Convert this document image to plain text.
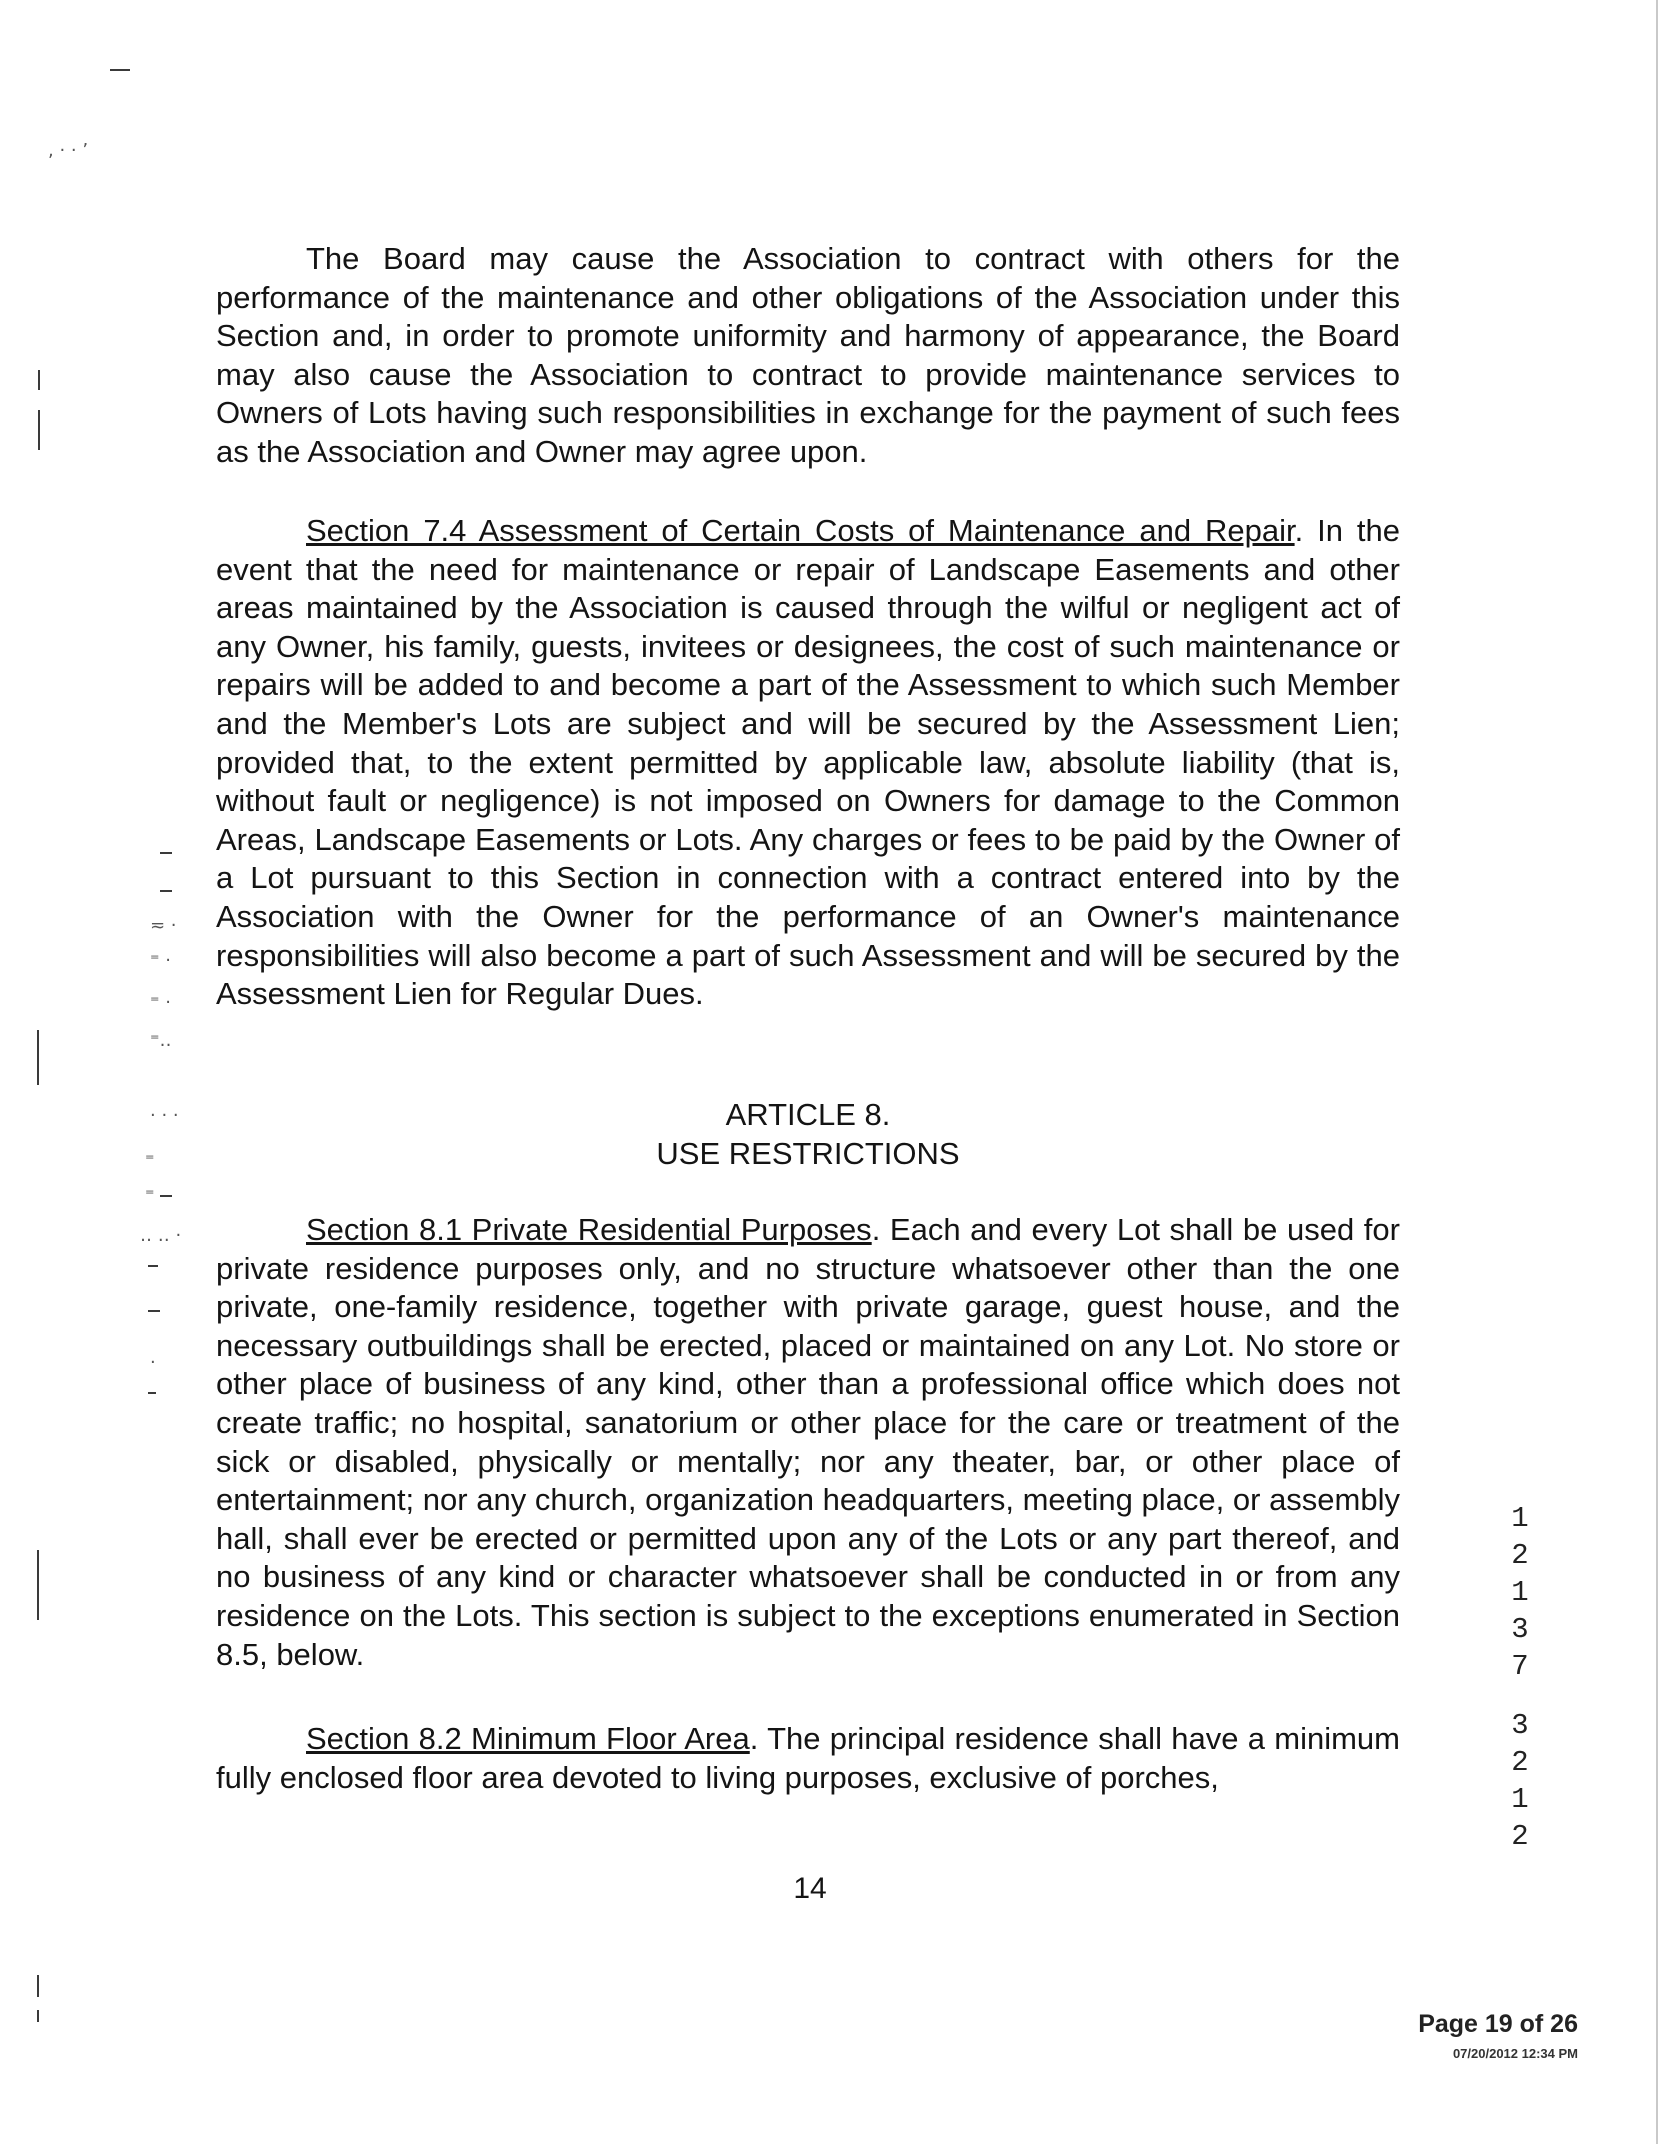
, · · ’
≂ ·
⁼ ·
⁼ ·
⁼‥
· · ·
⁼
⁼
‥ ‥ ·
·

The Board may cause the Association to contract with others for the performance of the maintenance and other obligations of the Association under this Section and, in order to promote uniformity and harmony of appearance, the Board may also cause the Association to contract to provide maintenance services to Owners of Lots having such responsibilities in exchange for the payment of such fees as the Association and Owner may agree upon.

Section 7.4 Assessment of Certain Costs of Maintenance and Repair. In the event that the need for maintenance or repair of Landscape Easements and other areas maintained by the Association is caused through the wilful or negligent act of any Owner, his family, guests, invitees or designees, the cost of such maintenance or repairs will be added to and become a part of the Assessment to which such Member and the Member's Lots are subject and will be secured by the Assessment Lien; provided that, to the extent permitted by applicable law, absolute liability (that is, without fault or negligence) is not imposed on Owners for damage to the Common Areas, Landscape Easements or Lots. Any charges or fees to be paid by the Owner of a Lot pursuant to this Section in connection with a contract entered into by the Association with the Owner for the performance of an Owner's maintenance responsibilities will also become a part of such Assessment and will be secured by the Assessment Lien for Regular Dues.

ARTICLE 8.

USE RESTRICTIONS

Section 8.1 Private Residential Purposes. Each and every Lot shall be used for private residence purposes only, and no structure whatsoever other than the one private, one-family residence, together with private garage, guest house, and the necessary outbuildings shall be erected, placed or maintained on any Lot. No store or other place of business of any kind, other than a professional office which does not create traffic; no hospital, sanatorium or other place for the care or treatment of the sick or disabled, physically or mentally; nor any theater, bar, or other place of entertainment; nor any church, organization headquarters, meeting place, or assembly hall, shall ever be erected or permitted upon any of the Lots or any part thereof, and no business of any kind or character whatsoever shall be conducted in or from any residence on the Lots. This section is subject to the exceptions enumerated in Section 8.5, below.

Section 8.2 Minimum Floor Area. The principal residence shall have a minimum fully enclosed floor area devoted to living purposes, exclusive of porches,

14
1
2
1
3
7
3
2
1
2
Page 19 of 26
07/20/2012 12:34 PM
